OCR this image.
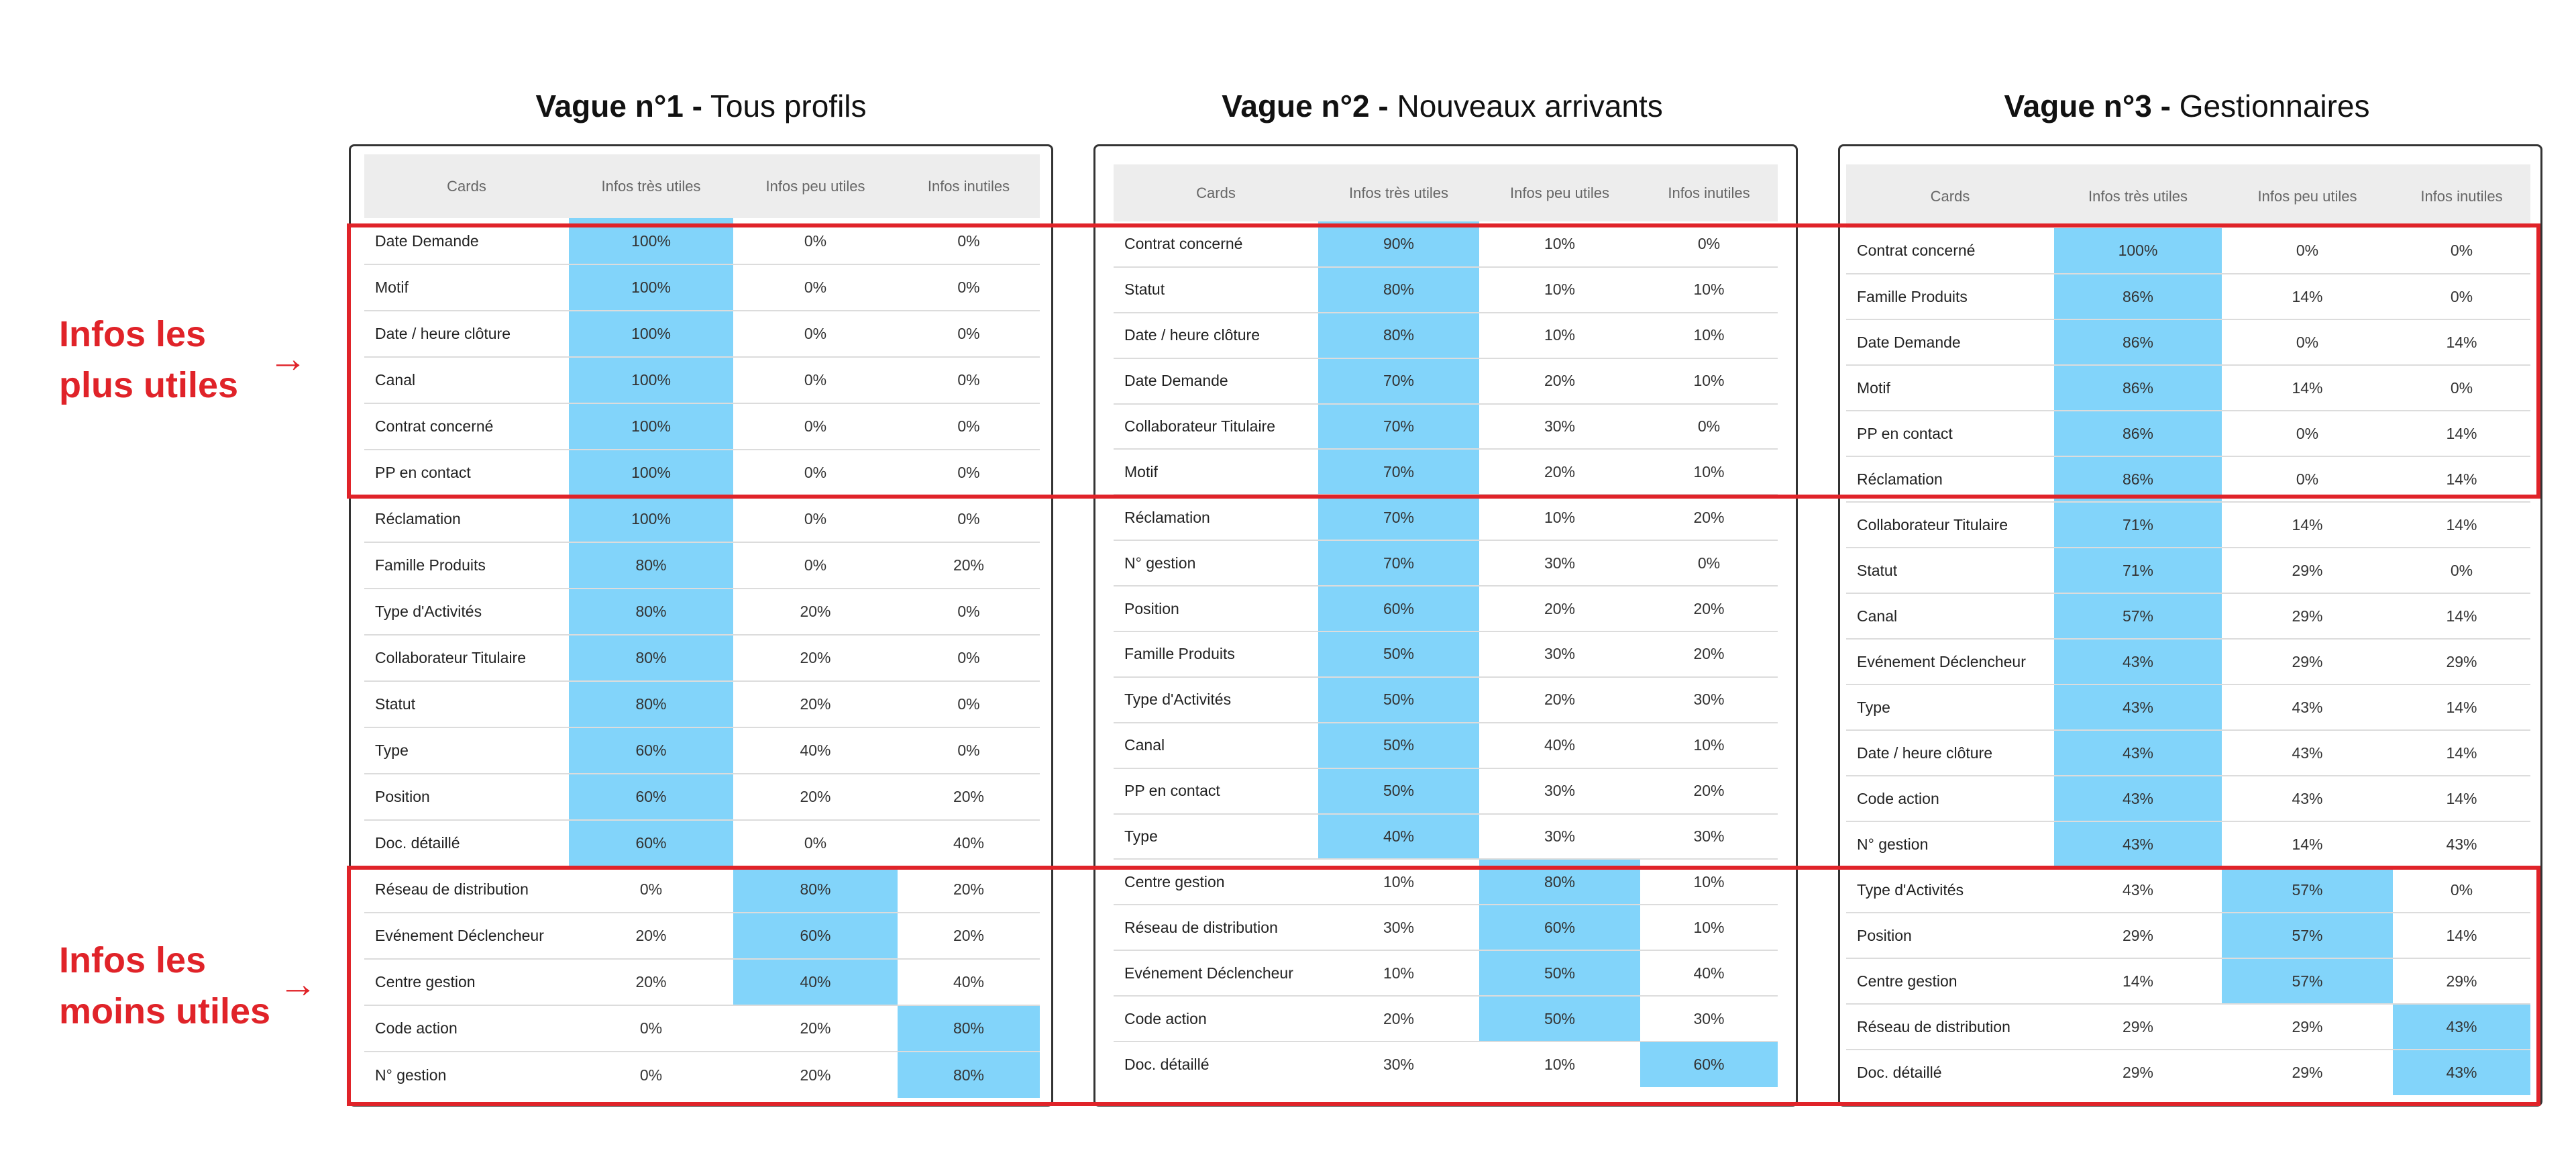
Vague n°1 - Tous profils	Vague n°2 - Nouveaux arrivants	Vague n°3 - Gestionnaires
Cards	Infos très utiles	Infos peu utiles	Infos inutiles
Date Demande	100%	0%	0%
Motif	100%	0%	0%
Date / heure clôture	100%	0%	0%
Canal	100%	0%	0%
Contrat concerné	100%	0%	0%
PP en contact	100%	0%	0%
Réclamation	100%	0%	0%
Famille Produits	80%	0%	20%
Type d'Activités	80%	20%	0%
Collaborateur Titulaire	80%	20%	0%
Statut	80%	20%	0%
Type	60%	40%	0%
Position	60%	20%	20%
Doc. détaillé	60%	0%	40%
Réseau de distribution	0%	80%	20%
Evénement Déclencheur	20%	60%	20%
Centre gestion	20%	40%	40%
Code action	0%	20%	80%
N° gestion	0%	20%	80%
Cards	Infos très utiles	Infos peu utiles	Infos inutiles
Contrat concerné	90%	10%	0%
Statut	80%	10%	10%
Date / heure clôture	80%	10%	10%
Date Demande	70%	20%	10%
Collaborateur Titulaire	70%	30%	0%
Motif	70%	20%	10%
Réclamation	70%	10%	20%
N° gestion	70%	30%	0%
Position	60%	20%	20%
Famille Produits	50%	30%	20%
Type d'Activités	50%	20%	30%
Canal	50%	40%	10%
PP en contact	50%	30%	20%
Type	40%	30%	30%
Centre gestion	10%	80%	10%
Réseau de distribution	30%	60%	10%
Evénement Déclencheur	10%	50%	40%
Code action	20%	50%	30%
Doc. détaillé	30%	10%	60%
Cards	Infos très utiles	Infos peu utiles	Infos inutiles
Contrat concerné	100%	0%	0%
Famille Produits	86%	14%	0%
Date Demande	86%	0%	14%
Motif	86%	14%	0%
PP en contact	86%	0%	14%
Réclamation	86%	0%	14%
Collaborateur Titulaire	71%	14%	14%
Statut	71%	29%	0%
Canal	57%	29%	14%
Evénement Déclencheur	43%	29%	29%
Type	43%	43%	14%
Date / heure clôture	43%	43%	14%
Code action	43%	43%	14%
N° gestion	43%	14%	43%
Type d'Activités	43%	57%	0%
Position	29%	57%	14%
Centre gestion	14%	57%	29%
Réseau de distribution	29%	29%	43%
Doc. détaillé	29%	29%	43%
Infos les
plus utiles
→
Infos les
moins utiles
→
